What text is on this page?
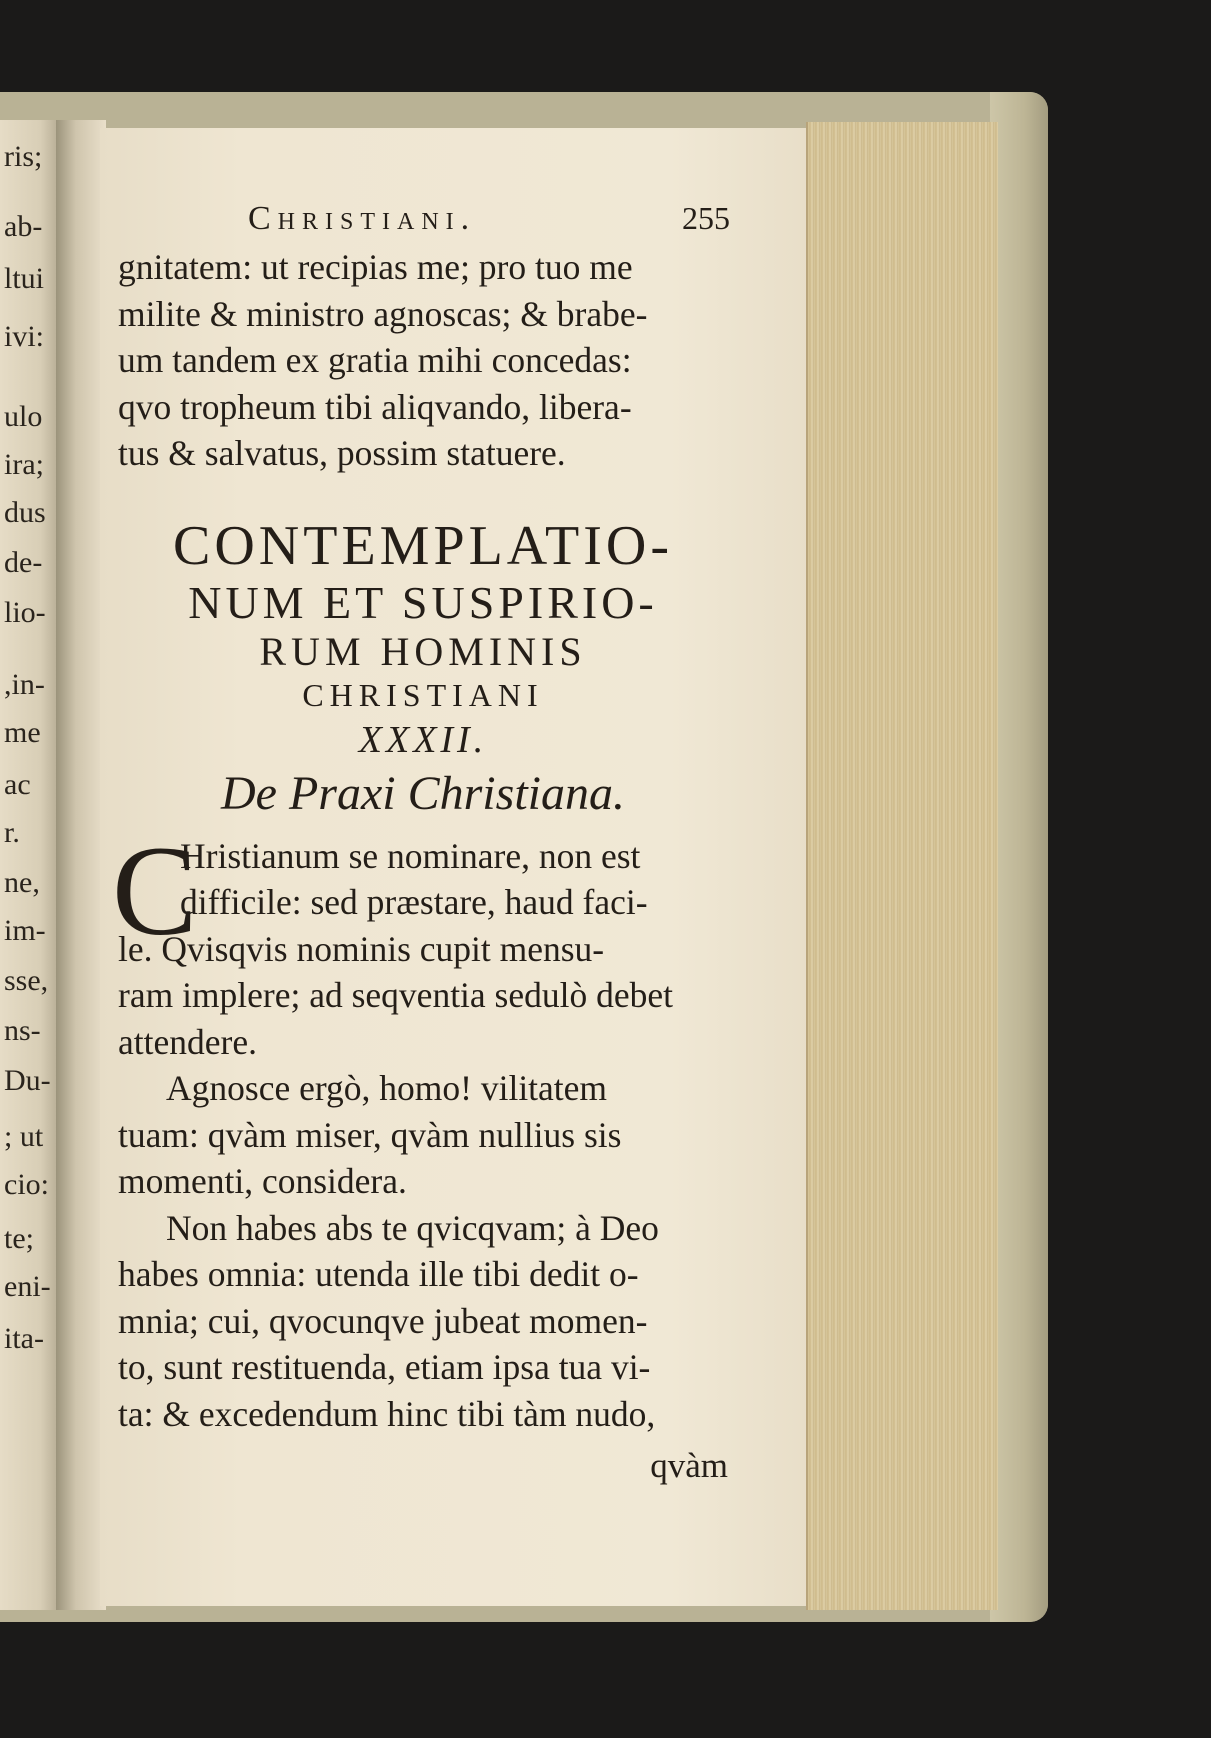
ris;
ab-
ltui
ivi:
ulo
ira;
dus
de-
lio-
,in-
me
ac
r.
ne,
im-
sse,
ns-
Du-
; ut
cio:
te;
eni-
ita-
Christiani.	255

gnitatem: ut recipias me; pro tuo me

milite & ministro agnoscas; & brabe-

um tandem ex gratia mihi concedas:

qvo tropheum tibi aliqvando, libera-

tus & salvatus, possim statuere.

CONTEMPLATIO-
NUM ET SUSPIRIO-
RUM HOMINIS
CHRISTIANI
XXXII.
De Praxi Christiana.
C

Hristianum se nominare, non est

difficile: sed præstare, haud faci-

le. Qvisqvis nominis cupit mensu-

ram implere; ad seqventia sedulò debet

attendere.

Agnosce ergò, homo! vilitatem

tuam: qvàm miser, qvàm nullius sis

momenti, considera.

Non habes abs te qvicqvam; à Deo

habes omnia: utenda ille tibi dedit o-

mnia; cui, qvocunqve jubeat momen-

to, sunt restituenda, etiam ipsa tua vi-

ta: & excedendum hinc tibi tàm nudo,

qvàm
